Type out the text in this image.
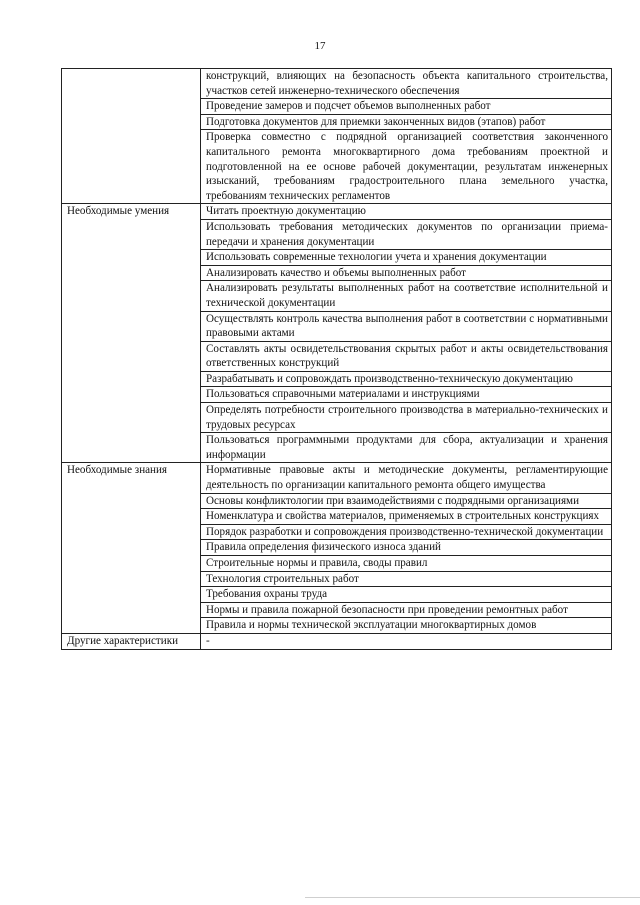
17
	конструкций, влияющих на безопасность объекта капитального строительства, участков сетей инженерно-технического обеспечения
	Проведение замеров и подсчет объемов выполненных работ
	Подготовка документов для приемки законченных видов (этапов) работ
	Проверка совместно с подрядной организацией соответствия законченного капитального ремонта многоквартирного дома требованиям проектной и подготовленной на ее основе рабочей документации, результатам инженерных изысканий, требованиям градостроительного плана земельного участка, требованиям технических регламентов
Необходимые умения	Читать проектную документацию
	Использовать требования методических документов по организации приема-передачи и хранения документации
	Использовать современные технологии учета и хранения документации
	Анализировать качество и объемы выполненных работ
	Анализировать результаты выполненных работ на соответствие исполнительной и технической документации
	Осуществлять контроль качества выполнения работ в соответствии с нормативными правовыми актами
	Составлять акты освидетельствования скрытых работ и акты освидетельствования ответственных конструкций
	Разрабатывать и сопровождать производственно-техническую документацию
	Пользоваться справочными материалами и инструкциями
	Определять потребности строительного производства в материально-технических и трудовых ресурсах
	Пользоваться программными продуктами для сбора, актуализации и хранения информации
Необходимые знания	Нормативные правовые акты и методические документы, регламентирующие деятельность по организации капитального ремонта общего имущества
	Основы конфликтологии при взаимодействиями с подрядными организациями
	Номенклатура и свойства материалов, применяемых в строительных конструкциях
	Порядок разработки и сопровождения производственно-технической документации
	Правила определения физического износа зданий
	Строительные нормы и правила, своды правил
	Технология строительных работ
	Требования охраны труда
	Нормы и правила пожарной безопасности при проведении ремонтных работ
	Правила и нормы технической эксплуатации многоквартирных домов
Другие характеристики	-
